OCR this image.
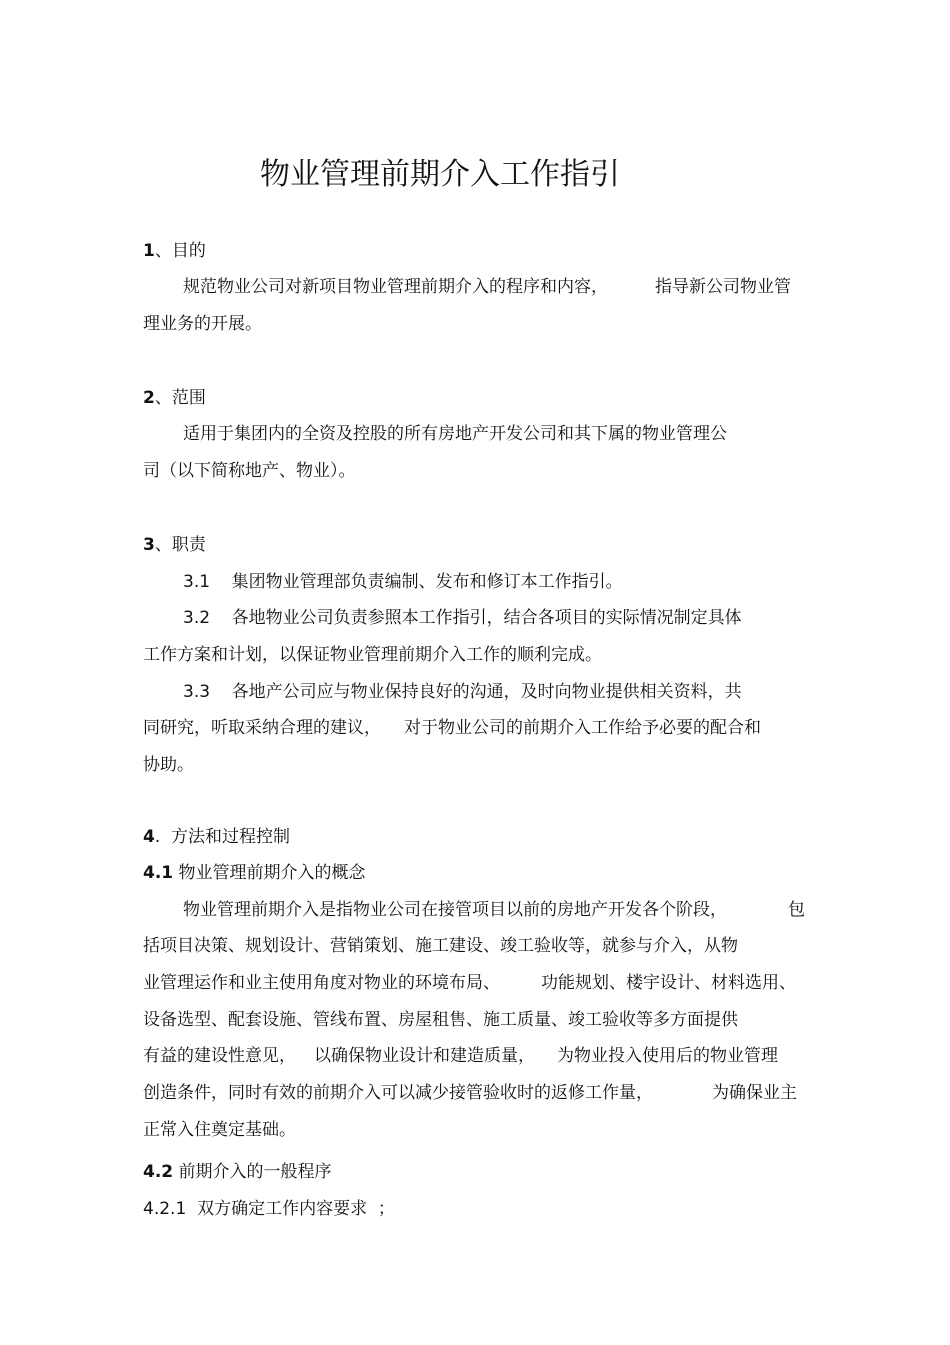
物业管理前期介入工作指引
1、目的
规范物业公司对新项目物业管理前期介入的程序和内容，	指导新公司物业管
理业务的开展。
2、范围
适用于集团内的全资及控股的所有房地产开发公司和其下属的物业管理公
司（以下简称地产、物业）。
3、职责
3.1    集团物业管理部负责编制、发布和修订本工作指引。
3.2    各地物业公司负责参照本工作指引，结合各项目的实际情况制定具体
工作方案和计划，以保证物业管理前期介入工作的顺利完成。
3.3    各地产公司应与物业保持良好的沟通，及时向物业提供相关资料，共
同研究，听取采纳合理的建议， 对于物业公司的前期介入工作给予必要的配合和
协助。
4.  方法和过程控制
4.1 物业管理前期介入的概念
物业管理前期介入是指物业公司在接管项目以前的房地产开发各个阶段，	包
括项目决策、规划设计、营销策划、施工建设、竣工验收等，就参与介入，从物
业管理运作和业主使用角度对物业的环境布局、 功能规划、楼宇设计、材料选用、
设备选型、配套设施、管线布置、房屋租售、施工质量、竣工验收等多方面提供
有益的建设性意见， 以确保物业设计和建造质量， 为物业投入使用后的物业管理
创造条件，同时有效的前期介入可以减少接管验收时的返修工作量，	为确保业主
正常入住奠定基础。
4.2 前期介入的一般程序
4.2.1  双方确定工作内容要求  ；
